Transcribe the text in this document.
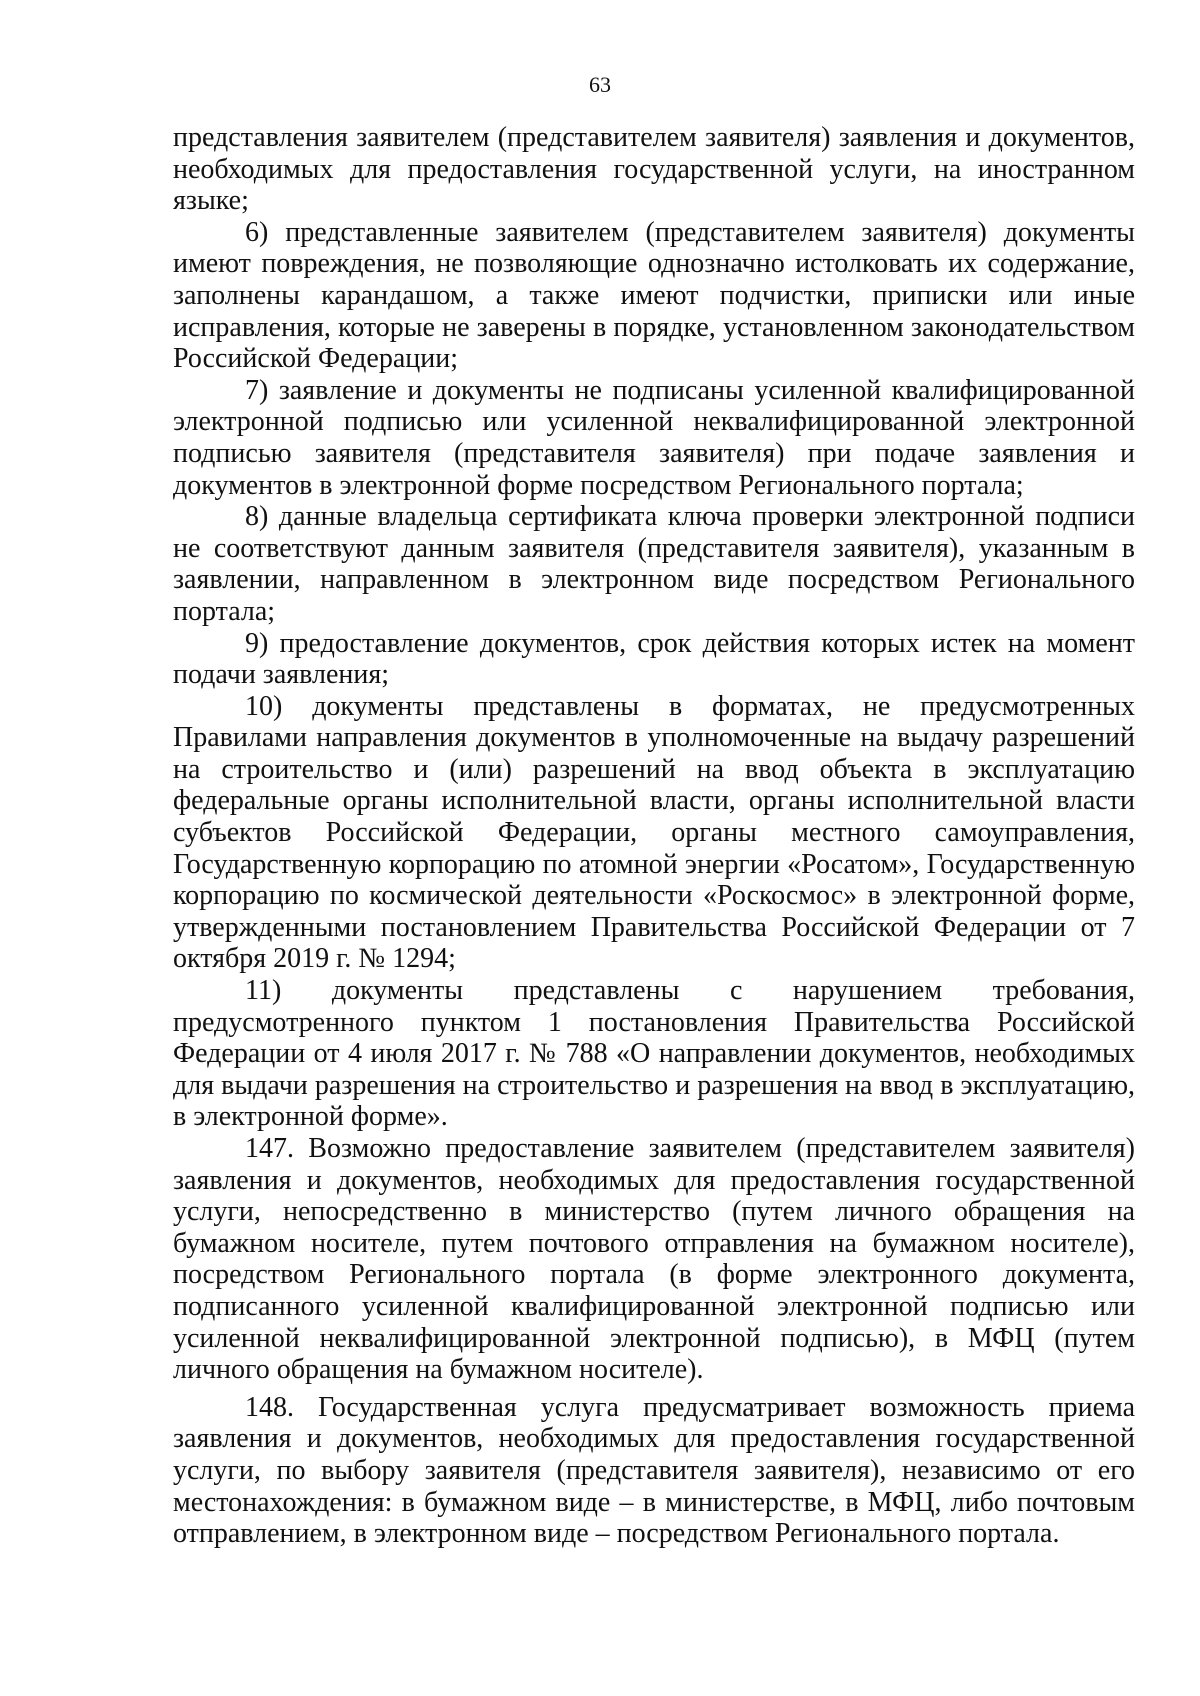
63

представления заявителем (представителем заявителя) заявления и документов, необходимых для предоставления государственной услуги, на иностранном языке;

6) представленные заявителем (представителем заявителя) документы имеют повреждения, не позволяющие однозначно истолковать их содержание, заполнены карандашом, а также имеют подчистки, приписки или иные исправления, которые не заверены в порядке, установленном законодательством Российской Федерации;

7) заявление и документы не подписаны усиленной квалифицированной электронной подписью или усиленной неквалифицированной электронной подписью заявителя (представителя заявителя) при подаче заявления и документов в электронной форме посредством Регионального портала;

8) данные владельца сертификата ключа проверки электронной подписи не соответствуют данным заявителя (представителя заявителя), указанным в заявлении, направленном в электронном виде посредством Регионального портала;

9) предоставление документов, срок действия которых истек на момент подачи заявления;

10) документы представлены в форматах, не предусмотренных Правилами направления документов в уполномоченные на выдачу разрешений на строительство и (или) разрешений на ввод объекта в эксплуатацию федеральные органы исполнительной власти, органы исполнительной власти субъектов Российской Федерации, органы местного самоуправления, Государственную корпорацию по атомной энергии «Росатом», Государственную корпорацию по космической деятельности «Роскосмос» в электронной форме, утвержденными постановлением Правительства Российской Федерации от 7 октября 2019 г. № 1294;

11) документы представлены с нарушением требования, предусмотренного пунктом 1 постановления Правительства Российской Федерации от 4 июля 2017 г. № 788 «О направлении документов, необходимых для выдачи разрешения на строительство и разрешения на ввод в эксплуатацию, в электронной форме».

147. Возможно предоставление заявителем (представителем заявителя) заявления и документов, необходимых для предоставления государственной услуги, непосредственно в министерство (путем личного обращения на бумажном носителе, путем почтового отправления на бумажном носителе), посредством Регионального портала (в форме электронного документа, подписанного усиленной квалифицированной электронной подписью или усиленной неквалифицированной электронной подписью), в МФЦ (путем личного обращения на бумажном носителе).

148. Государственная услуга предусматривает возможность приема заявления и документов, необходимых для предоставления государственной услуги, по выбору заявителя (представителя заявителя), независимо от его местонахождения: в бумажном виде – в министерстве, в МФЦ, либо почтовым отправлением, в электронном виде – посредством Регионального портала.
